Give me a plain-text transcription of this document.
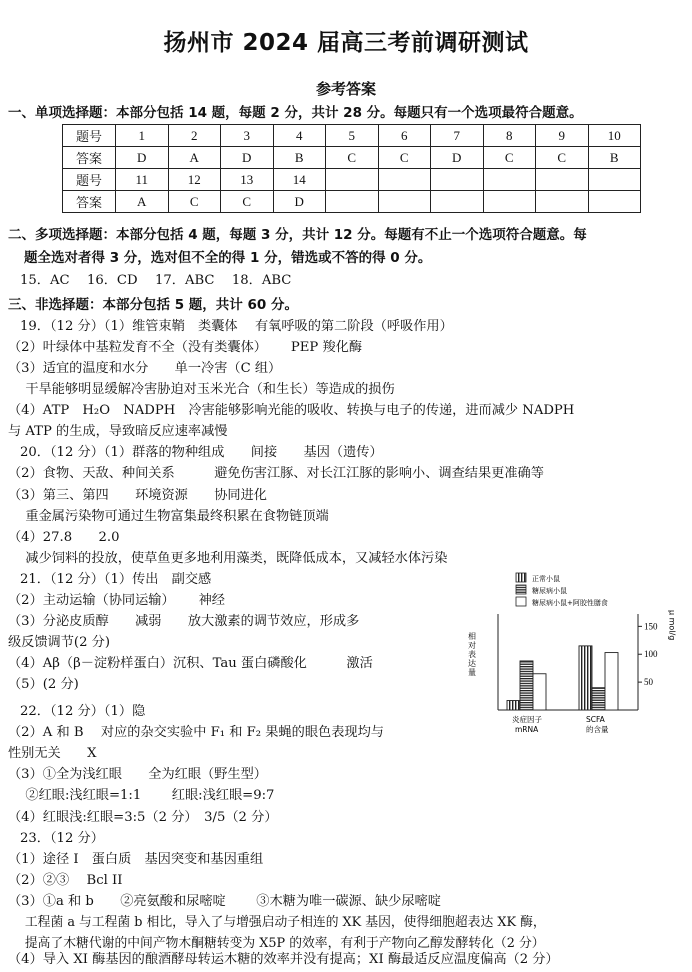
扬州市 2024 届高三考前调研测试
参考答案
一、单项选择题：本部分包括 14 题，每题 2 分，共计 28 分。每题只有一个选项最符合题意。
题号	1	2	3	4	5	6	7	8	9	10
答案	D	A	D	B	C	C	D	C	C	B
题号	11	12	13	14						
答案	A	C	C	D						
二、多项选择题：本部分包括 4 题，每题 3 分，共计 12 分。每题有不止一个选项符合题意。每
题全选对者得 3 分，选对但不全的得 1 分，错选或不答的得 0 分。
15．AC　 16．CD　 17．ABC　 18．ABC
三、非选择题：本部分包括 5 题，共计 60 分。
19．（12 分）（1）维管束鞘　类囊体　 有氧呼吸的第二阶段（呼吸作用）
（2）叶绿体中基粒发育不全（没有类囊体）　　 PEP 羧化酶
（3）适宜的温度和水分　　单一冷害（C 组）
　 干旱能够明显缓解冷害胁迫对玉米光合（和生长）等造成的损伤
（4）ATP　H₂O　NADPH　冷害能够影响光能的吸收、转换与电子的传递，进而减少 NADPH
与 ATP 的生成，导致暗反应速率减慢
20．（12 分）（1）群落的物种组成　　间接　　基因（遗传）
（2）食物、天敌、种间关系　　　避免伤害江豚、对长江江豚的影响小、调查结果更准确等
（3）第三、第四　　环境资源　　协同进化
　 重金属污染物可通过生物富集最终积累在食物链顶端
（4）27.8　　2.0
　 减少饲料的投放，使草鱼更多地利用藻类，既降低成本，又减轻水体污染
21．（12 分）（1）传出　副交感
（2）主动运输（协同运输）　　 神经
（3）分泌皮质醇　　减弱　　放大激素的调节效应，形成多
级反馈调节(2 分)
（4）Aβ（β－淀粉样蛋白）沉积、Tau 蛋白磷酸化　　　激活
（5）(2 分)
22．（12 分）（1）隐
（2）A 和 B　 对应的杂交实验中 F₁ 和 F₂ 果蝇的眼色表现均与
性别无关　　X
（3）①全为浅红眼　　全为红眼（野生型）
　 ②红眼:浅红眼=1:1　　 红眼:浅红眼=9:7
（4）红眼浅:红眼=3:5（2 分）　3/5（2 分）
23．（12 分）
（1）途径 I　蛋白质　基因突变和基因重组
（2）②③　 Bcl II
（3）①a 和 b　　②亮氨酸和尿嘧啶　　 ③木糖为唯一碳源、缺少尿嘧啶
　 工程菌 a 与工程菌 b 相比，导入了与增强启动子相连的 XK 基因，使得细胞超表达 XK 酶，
　 提高了木糖代谢的中间产物木酮糖转变为 X5P 的效率，有利于产物向乙醇发酵转化（2 分）
（4）导入 XI 酶基因的酿酒酵母转运木糖的效率并没有提高；XI 酶最适反应温度偏高（2 分）
50
100
150
相对表达量
μ mol/g
炎症因子
mRNA
SCFA
的含量
正常小鼠
糖尿病小鼠
糖尿病小鼠+阿胶性膳食
